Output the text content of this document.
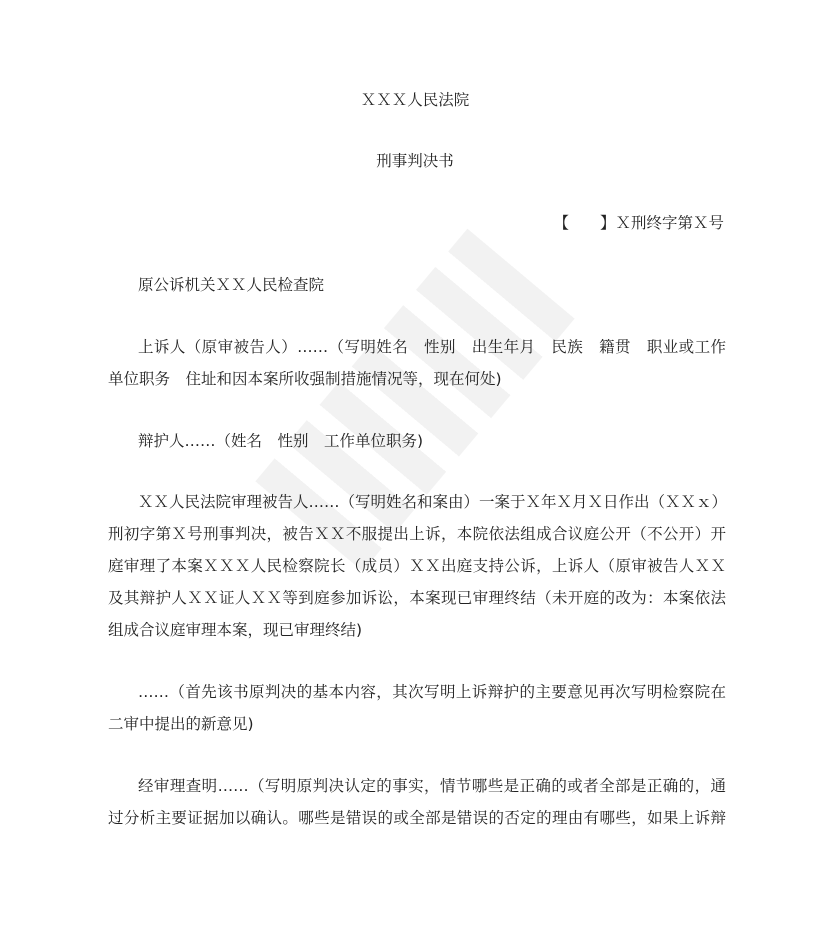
ＸＸＸ人民法院
刑事判决书
【　　】Ｘ刑终字第Ｘ号
原公诉机关ＸＸ人民检查院
上诉人（原审被告人）……（写明姓名　性别　出生年月　民族　籍贯　职业或工作
单位职务　住址和因本案所收强制措施情况等，现在何处)
辩护人……（姓名　性别　工作单位职务)
ＸＸ人民法院审理被告人……（写明姓名和案由）一案于Ｘ年Ｘ月Ｘ日作出（ＸＸｘ）
刑初字第Ｘ号刑事判决，被告ＸＸ不服提出上诉，本院依法组成合议庭公开（不公开）开
庭审理了本案ＸＸＸ人民检察院长（成员）ＸＸ出庭支持公诉，上诉人（原审被告人ＸＸ
及其辩护人ＸＸ证人ＸＸ等到庭参加诉讼，本案现已审理终结（未开庭的改为：本案依法
组成合议庭审理本案，现已审理终结)
……（首先该书原判决的基本内容，其次写明上诉辩护的主要意见再次写明检察院在
二审中提出的新意见)
经审理查明……（写明原判决认定的事实，情节哪些是正确的或者全部是正确的，通
过分析主要证据加以确认。哪些是错误的或全部是错误的否定的理由有哪些，如果上诉辩
